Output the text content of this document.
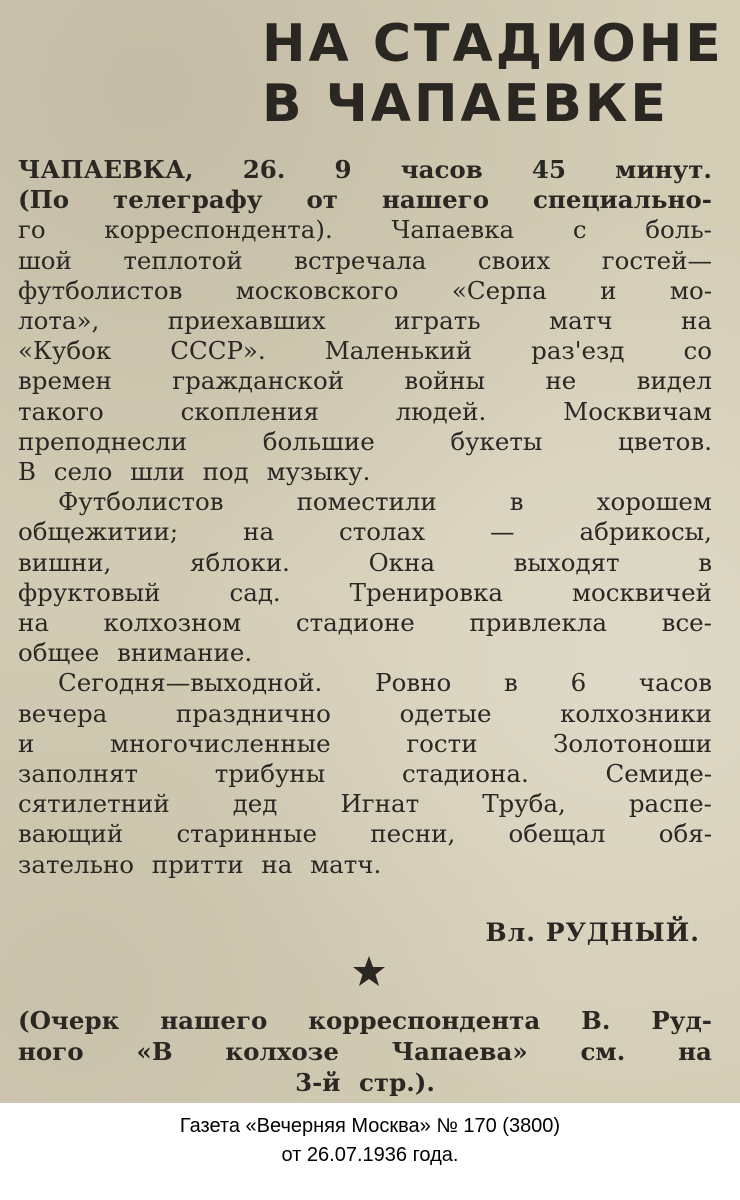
НА СТАДИОНЕ
В ЧАПАЕВКЕ
ЧАПАЕВКА, 26. 9 часов 45 минут.
(По телеграфу от нашего специально-
го корреспондента). Чапаевка с боль-
шой теплотой встречала своих гостей—
футболистов московского «Серпа и мо-
лота»,	приехавших	играть	матч	на
«Кубок СССР». Маленький раз'езд со
времен гражданской войны не видел
такого	скопления	людей.	Москвичам
преподнесли	большие	букеты	цветов.
В село шли под музыку.
Футболистов	поместили	в	хорошем
общежитии;	на	столах	—	абрикосы,
вишни,	яблоки.	Окна	выходят	в
фруктовый	сад.	Тренировка	москвичей
на колхозном стадионе привлекла все-
общее внимание.
Сегодня—выходной. Ровно в 6 часов
вечера	празднично	одетые	колхозники
и	многочисленные	гости	Золотоноши
заполнят	трибуны	стадиона.	Семиде-
сятилетний	дед	Игнат	Труба,	распе-
вающий старинные песни, обещал обя-
зательно притти на матч.
Вл. РУДНЫЙ.
(Очерк нашего корреспондента В. Руд-
ного «В колхозе Чапаева» см. на
3-й стр.).
Газета «Вечерняя Москва» № 170 (3800)
от 26.07.1936 года.
